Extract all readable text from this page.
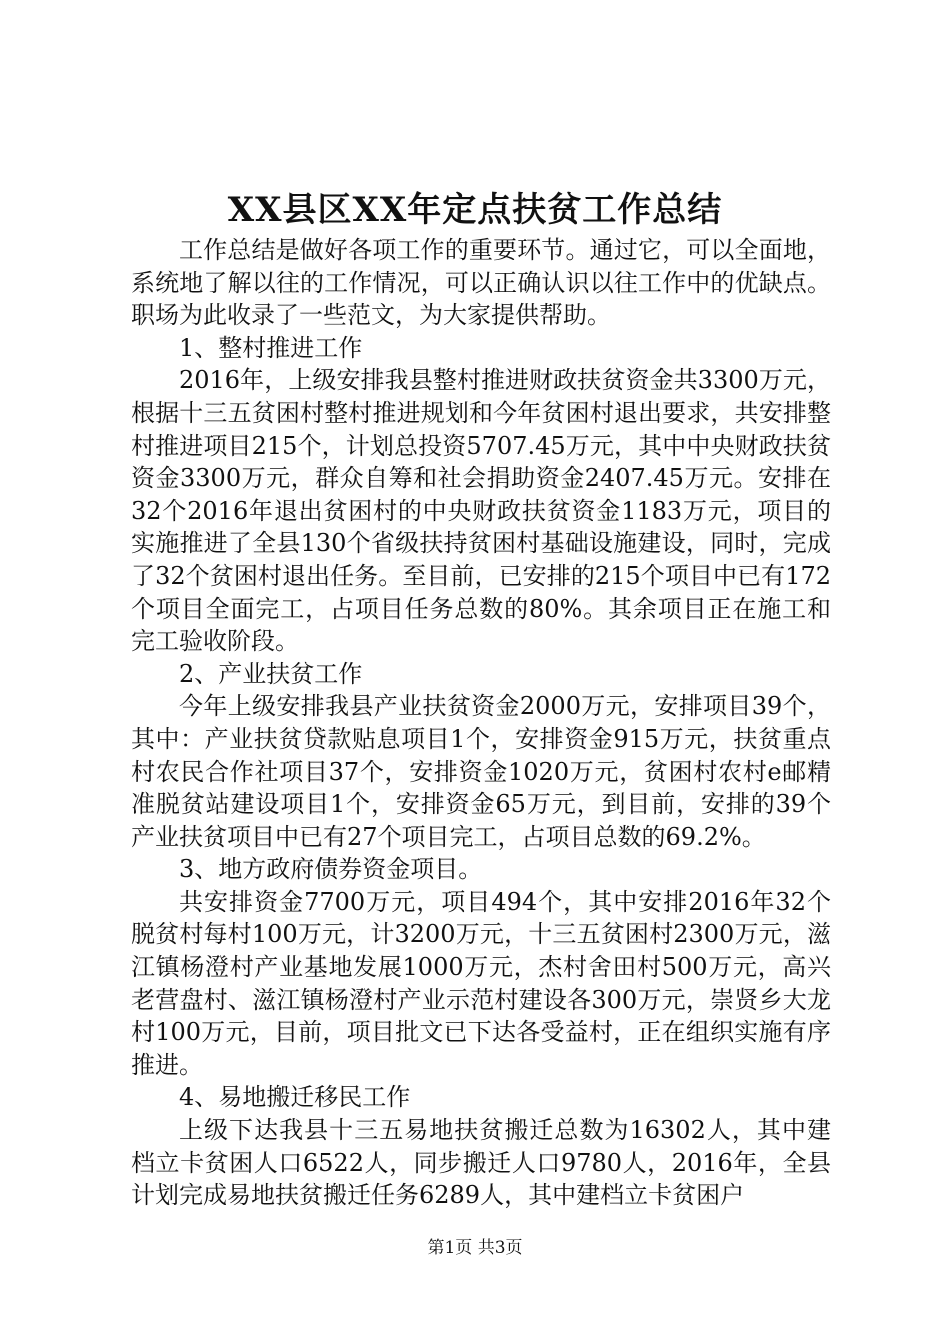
XX县区XX年定点扶贫工作总结

工作总结是做好各项工作的重要环节。通过它，可以全面地，系统地了解以往的工作情况，可以正确认识以往工作中的优缺点。职场为此收录了一些范文，为大家提供帮助。

1、整村推进工作

2016年，上级安排我县整村推进财政扶贫资金共3300万元，根据十三五贫困村整村推进规划和今年贫困村退出要求，共安排整村推进项目215个，计划总投资5707.45万元，其中中央财政扶贫资金3300万元，群众自筹和社会捐助资金2407.45万元。安排在32个2016年退出贫困村的中央财政扶贫资金1183万元，项目的实施推进了全县130个省级扶持贫困村基础设施建设，同时，完成了32个贫困村退出任务。至目前，已安排的215个项目中已有172个项目全面完工，占项目任务总数的80%。其余项目正在施工和完工验收阶段。

2、产业扶贫工作

今年上级安排我县产业扶贫资金2000万元，安排项目39个，其中：产业扶贫贷款贴息项目1个，安排资金915万元，扶贫重点村农民合作社项目37个，安排资金1020万元，贫困村农村e邮精准脱贫站建设项目1个，安排资金65万元，到目前，安排的39个产业扶贫项目中已有27个项目完工，占项目总数的69.2%。

3、地方政府债券资金项目。

共安排资金7700万元，项目494个，其中安排2016年32个脱贫村每村100万元，计3200万元，十三五贫困村2300万元，滋江镇杨澄村产业基地发展1000万元，杰村舍田村500万元，高兴老营盘村、滋江镇杨澄村产业示范村建设各300万元，崇贤乡大龙村100万元，目前，项目批文已下达各受益村，正在组织实施有序推进。

4、易地搬迁移民工作

上级下达我县十三五易地扶贫搬迁总数为16302人，其中建档立卡贫困人口6522人，同步搬迁人口9780人，2016年，全县计划完成易地扶贫搬迁任务6289人，其中建档立卡贫困户

第1页 共3页
